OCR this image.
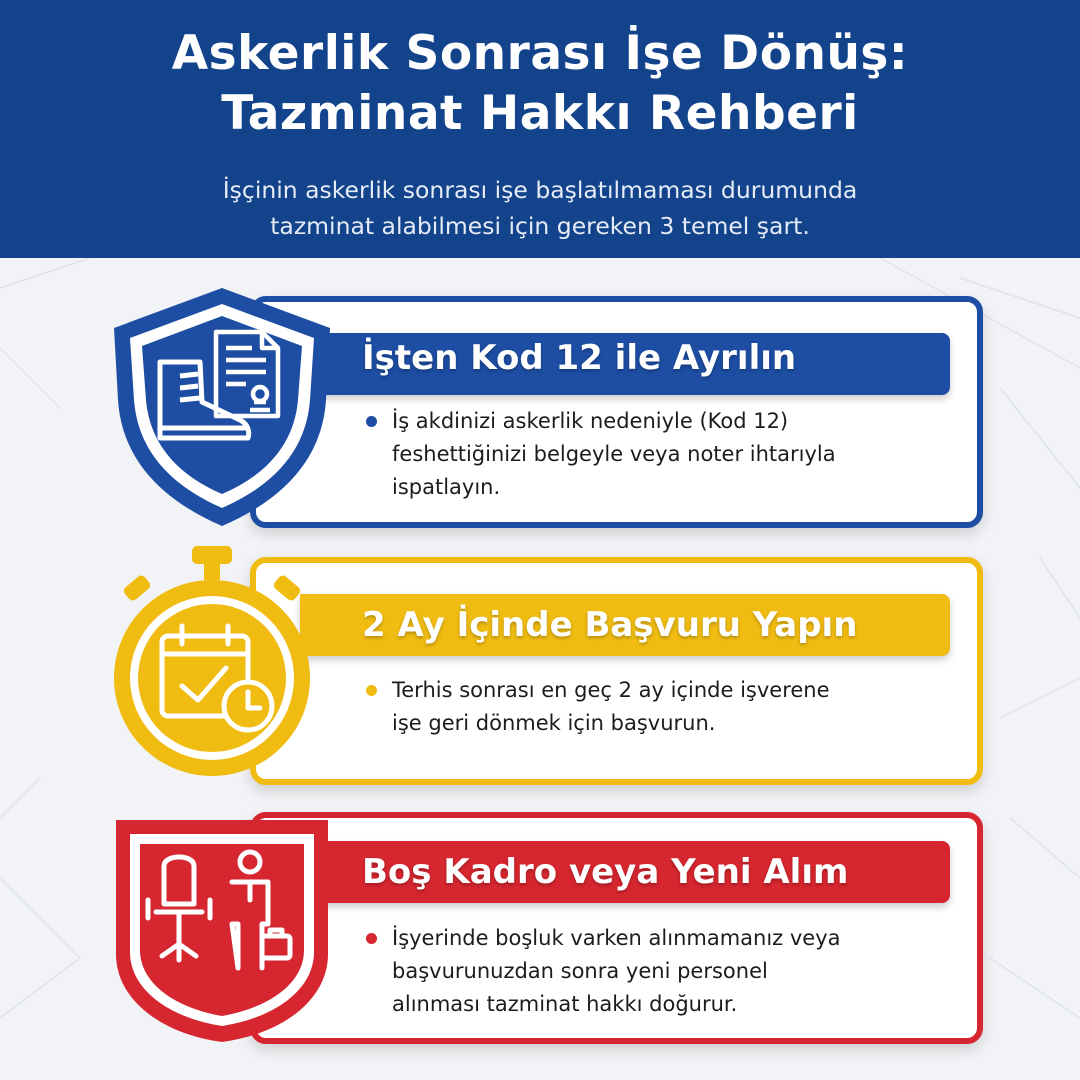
Askerlik Sonrası İşe Dönüş:
Tazminat Hakkı Rehberi
İşçinin askerlik sonrası işe başlatılmaması durumunda
tazminat alabilmesi için gereken 3 temel şart.
İşten Kod 12 ile Ayrılın
İş akdinizi askerlik nedeniyle (Kod 12)
feshettiğinizi belgeyle veya noter ihtarıyla
ispatlayın.
2 Ay İçinde Başvuru Yapın
Terhis sonrası en geç 2 ay içinde işverene
işe geri dönmek için başvurun.
Boş Kadro veya Yeni Alım
İşyerinde boşluk varken alınmamanız veya
başvurunuzdan sonra yeni personel
alınması tazminat hakkı doğurur.
